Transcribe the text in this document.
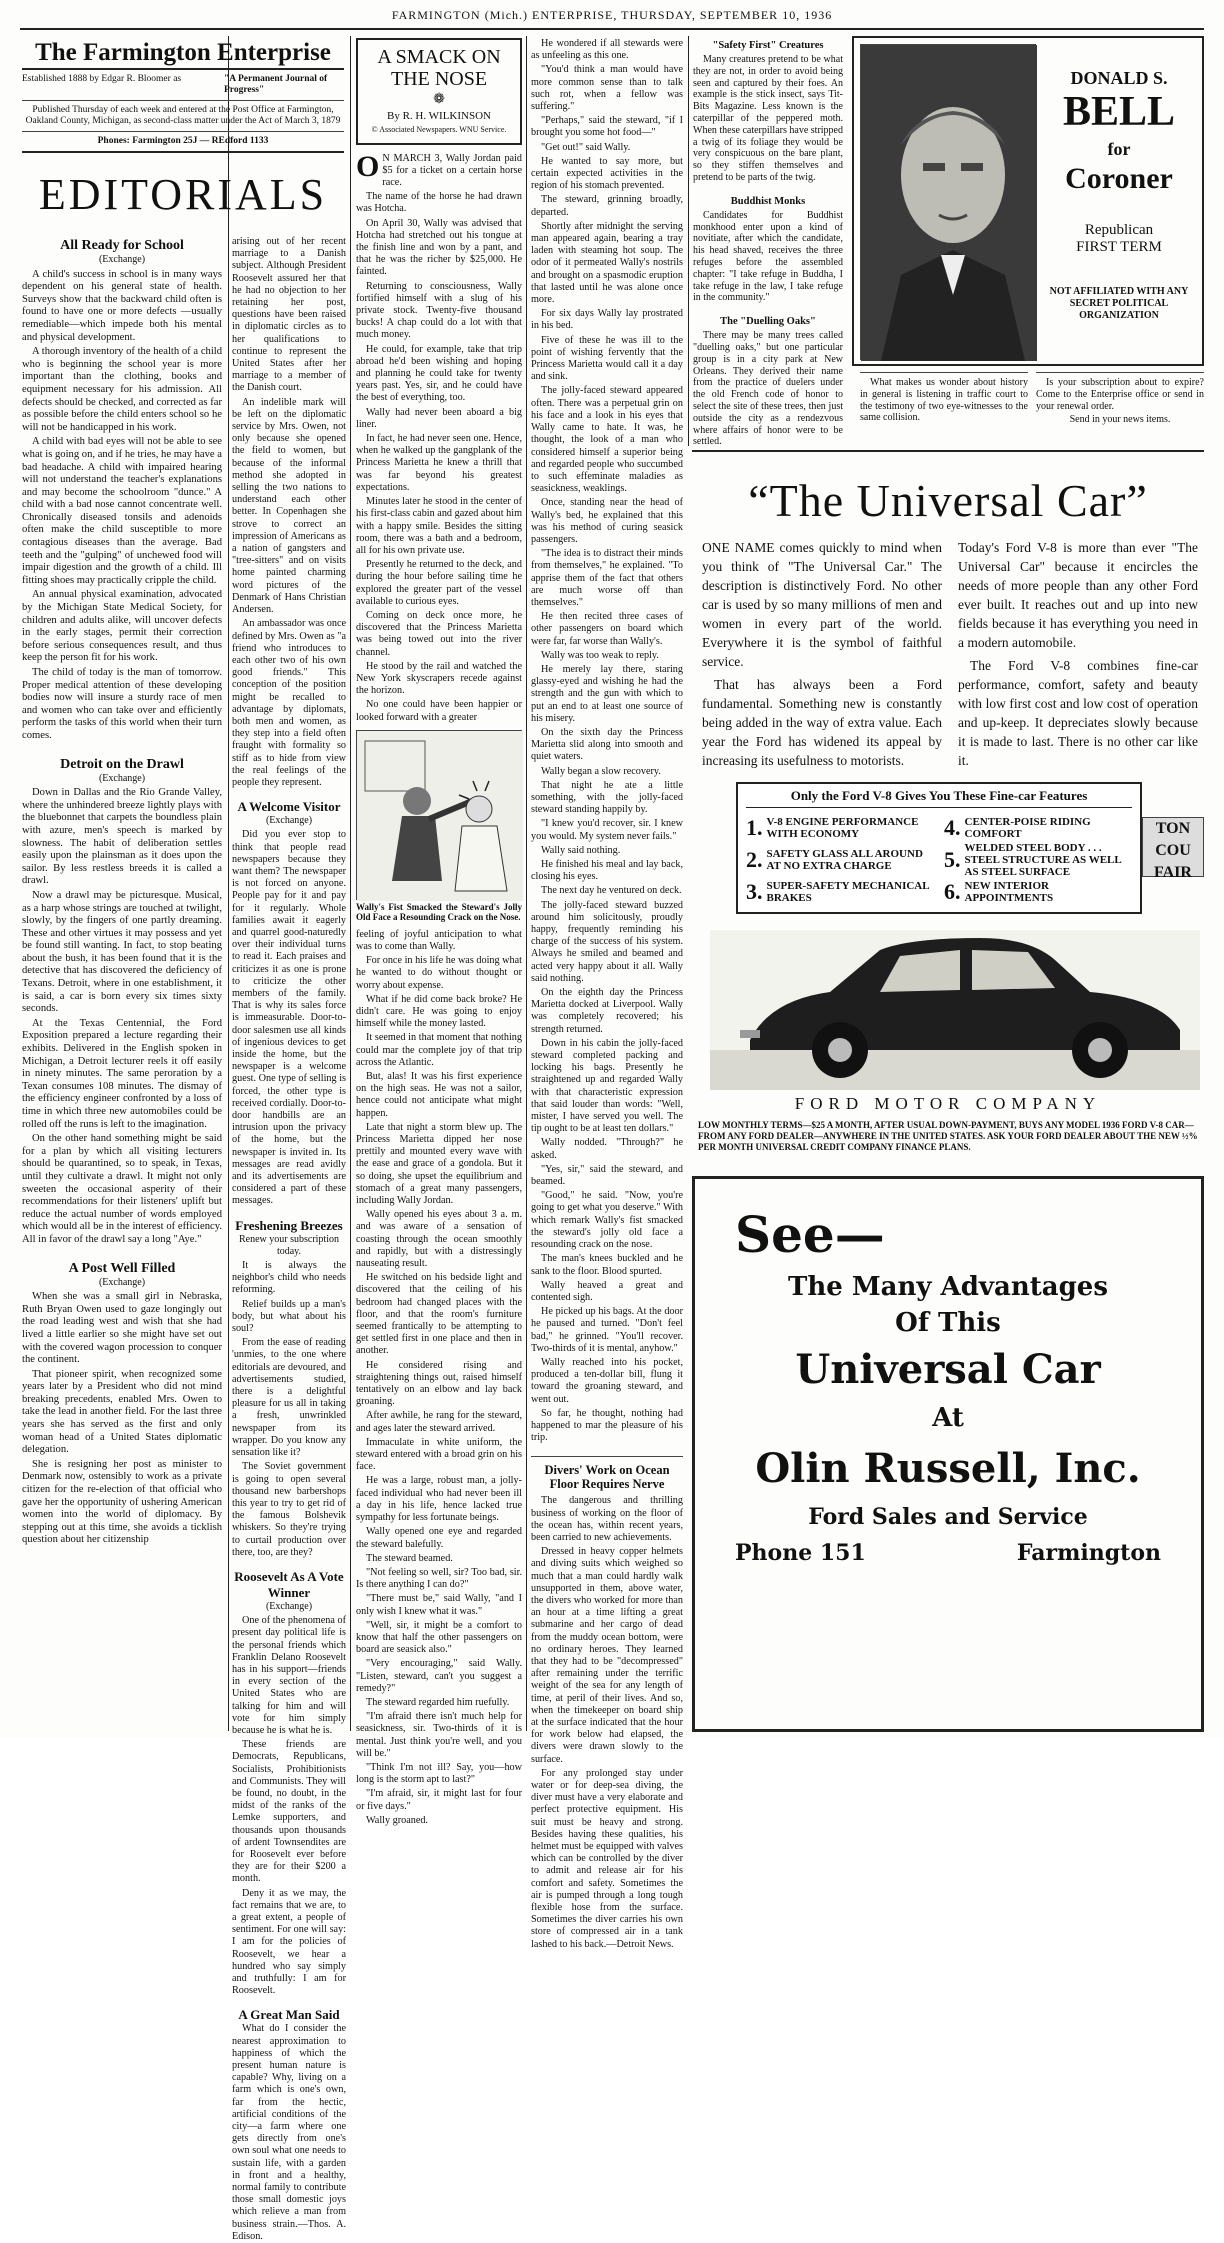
FARMINGTON (Mich.) ENTERPRISE, THURSDAY, SEPTEMBER 10, 1936
The Farmington Enterprise
Established 1888 by Edgar R. Bloomer as	"A Permanent Journal of Progress"
Published Thursday of each week and entered at the Post Office at Farmington, Oakland County, Michigan, as second-class matter under the Act of March 3, 1879
Phones: Farmington 25J — REdford 1133
EDITORIALS
All Ready for School
(Exchange)

A child's success in school is in many ways dependent on his general state of health. Surveys show that the backward child often is found to have one or more defects —usually remediable—which impede both his mental and physical development.

A thorough inventory of the health of a child who is beginning the school year is more important than the clothing, books and equipment necessary for his admission. All defects should be checked, and corrected as far as possible before the child enters school so he will not be handicapped in his work.

A child with bad eyes will not be able to see what is going on, and if he tries, he may have a bad headache. A child with impaired hearing will not understand the teacher's explanations and may become the schoolroom "dunce." A child with a bad nose cannot concentrate well. Chronically diseased tonsils and adenoids often make the child susceptible to more contagious diseases than the average. Bad teeth and the "gulping" of unchewed food will impair digestion and the growth of a child. Ill fitting shoes may practically cripple the child.

An annual physical examination, advocated by the Michigan State Medical Society, for children and adults alike, will uncover defects in the early stages, permit their correction before serious consequences result, and thus keep the person fit for his work.

The child of today is the man of tomorrow. Proper medical attention of these developing bodies now will insure a sturdy race of men and women who can take over and efficiently perform the tasks of this world when their turn comes.

Detroit on the Drawl
(Exchange)

Down in Dallas and the Rio Grande Valley, where the unhindered breeze lightly plays with the bluebonnet that carpets the boundless plain with azure, men's speech is marked by slowness. The habit of deliberation settles easily upon the plainsman as it does upon the sailor. By less restless breeds it is called a drawl.

Now a drawl may be picturesque. Musical, as a harp whose strings are touched at twilight, slowly, by the fingers of one partly dreaming. These and other virtues it may possess and yet be found still wanting. In fact, to stop beating about the bush, it has been found that it is the detective that has discovered the deficiency of Texans. Detroit, where in one establishment, it is said, a car is born every six times sixty seconds.

At the Texas Centennial, the Ford Exposition prepared a lecture regarding their exhibits. Delivered in the English spoken in Michigan, a Detroit lecturer reels it off easily in ninety minutes. The same peroration by a Texan consumes 108 minutes. The dismay of the efficiency engineer confronted by a loss of time in which three new automobiles could be rolled off the runs is left to the imagination.

On the other hand something might be said for a plan by which all visiting lecturers should be quarantined, so to speak, in Texas, until they cultivate a drawl. It might not only sweeten the occasional asperity of their recommendations for their listeners' uplift but reduce the actual number of words employed which would all be in the interest of efficiency. All in favor of the drawl say a long "Aye."

A Post Well Filled
(Exchange)

When she was a small girl in Nebraska, Ruth Bryan Owen used to gaze longingly out the road leading west and wish that she had lived a little earlier so she might have set out with the covered wagon procession to conquer the continent.

That pioneer spirit, when recognized some years later by a President who did not mind breaking precedents, enabled Mrs. Owen to take the lead in another field. For the last three years she has served as the first and only woman head of a United States diplomatic delegation.

She is resigning her post as minister to Denmark now, ostensibly to work as a private citizen for the re-election of that official who gave her the opportunity of ushering American women into the world of diplomacy. By stepping out at this time, she avoids a ticklish question about her citizenship

arising out of her recent marriage to a Danish subject. Although President Roosevelt assured her that he had no objection to her retaining her post, questions have been raised in diplomatic circles as to her qualifications to continue to represent the United States after her marriage to a member of the Danish court.

An indelible mark will be left on the diplomatic service by Mrs. Owen, not only because she opened the field to women, but because of the informal method she adopted in selling the two nations to understand each other better. In Copenhagen she strove to correct an impression of Americans as a nation of gangsters and "tree-sitters" and on visits home painted charming word pictures of the Denmark of Hans Christian Andersen.

An ambassador was once defined by Mrs. Owen as "a friend who introduces to each other two of his own good friends." This conception of the position might be recalled to advantage by diplomats, both men and women, as they step into a field often fraught with formality so stiff as to hide from view the real feelings of the people they represent.

A Welcome Visitor
(Exchange)

Did you ever stop to think that people read newspapers because they want them? The newspaper is not forced on anyone. People pay for it and pay for it regularly. Whole families await it eagerly and quarrel good-naturedly over their individual turns to read it. Each praises and criticizes it as one is prone to criticize the other members of the family. That is why its sales force is immeasurable. Door-to-door salesmen use all kinds of ingenious devices to get inside the home, but the newspaper is a welcome guest. One type of selling is forced, the other type is received cordially. Door-to-door handbills are an intrusion upon the privacy of the home, but the newspaper is invited in. Its messages are read avidly and its advertisements are considered a part of these messages.

Freshening Breezes
Renew your subscription today.

It is always the neighbor's child who needs reforming.

Relief builds up a man's body, but what about his soul?

From the ease of reading 'unmies, to the one where editorials are devoured, and advertisements studied, there is a delightful pleasure for us all in taking a fresh, unwrinkled newspaper from its wrapper. Do you know any sensation like it?

The Soviet government is going to open several thousand new barbershops this year to try to get rid of the famous Bolshevik whiskers. So they're trying to curtail production over there, too, are they?

Roosevelt As A Vote Winner
(Exchange)

One of the phenomena of present day political life is the personal friends which Franklin Delano Roosevelt has in his support—friends in every section of the United States who are talking for him and will vote for him simply because he is what he is.

These friends are Democrats, Republicans, Socialists, Prohibitionists and Communists. They will be found, no doubt, in the midst of the ranks of the Lemke supporters, and thousands upon thousands of ardent Townsendites are for Roosevelt ever before they are for their $200 a month.

Deny it as we may, the fact remains that we are, to a great extent, a people of sentiment. For one will say: I am for the policies of Roosevelt, we hear a hundred who say simply and truthfully: I am for Roosevelt.

A Great Man Said

What do I consider the nearest approximation to happiness of which the present human nature is capable? Why, living on a farm which is one's own, far from the hectic, artificial conditions of the city—a farm where one gets directly from one's own soul what one needs to sustain life, with a garden in front and a healthy, normal family to contribute those small domestic joys which relieve a man from business strain.—Thos. A. Edison.

A SMACK ON THE NOSE
❁
By R. H. WILKINSON
© Associated Newspapers. WNU Service.

O N MARCH 3, Wally Jordan paid $5 for a ticket on a certain horse race.

The name of the horse he had drawn was Hotcha.

On April 30, Wally was advised that Hotcha had stretched out his tongue at the finish line and won by a pant, and that he was the richer by $25,000. He fainted.

Returning to consciousness, Wally fortified himself with a slug of his private stock. Twenty-five thousand bucks! A chap could do a lot with that much money.

He could, for example, take that trip abroad he'd been wishing and hoping and planning he could take for twenty years past. Yes, sir, and he could have the best of everything, too.

Wally had never been aboard a big liner.

In fact, he had never seen one. Hence, when he walked up the gangplank of the Princess Marietta he knew a thrill that was far beyond his greatest expectations.

Minutes later he stood in the center of his first-class cabin and gazed about him with a happy smile. Besides the sitting room, there was a bath and a bedroom, all for his own private use.

Presently he returned to the deck, and during the hour before sailing time he explored the greater part of the vessel available to curious eyes.

Coming on deck once more, he discovered that the Princess Marietta was being towed out into the river channel.

He stood by the rail and watched the New York skyscrapers recede against the horizon.

No one could have been happier or looked forward with a greater

Wally's Fist Smacked the Steward's Jolly Old Face a Resounding Crack on the Nose.

feeling of joyful anticipation to what was to come than Wally.

For once in his life he was doing what he wanted to do without thought or worry about expense.

What if he did come back broke? He didn't care. He was going to enjoy himself while the money lasted.

It seemed in that moment that nothing could mar the complete joy of that trip across the Atlantic.

But, alas! It was his first experience on the high seas. He was not a sailor, hence could not anticipate what might happen.

Late that night a storm blew up. The Princess Marietta dipped her nose prettily and mounted every wave with the ease and grace of a gondola. But it so doing, she upset the equilibrium and stomach of a great many passengers, including Wally Jordan.

Wally opened his eyes about 3 a. m. and was aware of a sensation of coasting through the ocean smoothly and rapidly, but with a distressingly nauseating result.

He switched on his bedside light and discovered that the ceiling of his bedroom had changed places with the floor, and that the room's furniture seemed frantically to be attempting to get settled first in one place and then in another.

He considered rising and straightening things out, raised himself tentatively on an elbow and lay back groaning.

After awhile, he rang for the steward, and ages later the steward arrived.

Immaculate in white uniform, the steward entered with a broad grin on his face.

He was a large, robust man, a jolly-faced individual who had never been ill a day in his life, hence lacked true sympathy for less fortunate beings.

Wally opened one eye and regarded the steward balefully.

The steward beamed.

"Not feeling so well, sir? Too bad, sir. Is there anything I can do?"

"There must be," said Wally, "and I only wish I knew what it was."

"Well, sir, it might be a comfort to know that half the other passengers on board are seasick also."

"Very encouraging," said Wally. "Listen, steward, can't you suggest a remedy?"

The steward regarded him ruefully.

"I'm afraid there isn't much help for seasickness, sir. Two-thirds of it is mental. Just think you're well, and you will be."

"Think I'm not ill? Say, you—how long is the storm apt to last?"

"I'm afraid, sir, it might last for four or five days."

Wally groaned.

He wondered if all stewards were as unfeeling as this one.

"You'd think a man would have more common sense than to talk such rot, when a fellow was suffering."

"Perhaps," said the steward, "if I brought you some hot food—"

"Get out!" said Wally.

He wanted to say more, but certain expected activities in the region of his stomach prevented.

The steward, grinning broadly, departed.

Shortly after midnight the serving man appeared again, bearing a tray laden with steaming hot soup. The odor of it permeated Wally's nostrils and brought on a spasmodic eruption that lasted until he was alone once more.

For six days Wally lay prostrated in his bed.

Five of these he was ill to the point of wishing fervently that the Princess Marietta would call it a day and sink.

The jolly-faced steward appeared often. There was a perpetual grin on his face and a look in his eyes that Wally came to hate. It was, he thought, the look of a man who considered himself a superior being and regarded people who succumbed to such effeminate maladies as seasickness, weaklings.

Once, standing near the head of Wally's bed, he explained that this was his method of curing seasick passengers.

"The idea is to distract their minds from themselves," he explained. "To apprise them of the fact that others are much worse off than themselves."

He then recited three cases of other passengers on board which were far, far worse than Wally's.

Wally was too weak to reply.

He merely lay there, staring glassy-eyed and wishing he had the strength and the gun with which to put an end to at least one source of his misery.

On the sixth day the Princess Marietta slid along into smooth and quiet waters.

Wally began a slow recovery.

That night he ate a little something, with the jolly-faced steward standing happily by.

"I knew you'd recover, sir. I knew you would. My system never fails."

Wally said nothing.

He finished his meal and lay back, closing his eyes.

The next day he ventured on deck.

The jolly-faced steward buzzed around him solicitously, proudly happy, frequently reminding his charge of the success of his system. Always he smiled and beamed and acted very happy about it all. Wally said nothing.

On the eighth day the Princess Marietta docked at Liverpool. Wally was completely recovered; his strength returned.

Down in his cabin the jolly-faced steward completed packing and locking his bags. Presently he straightened up and regarded Wally with that characteristic expression that said louder than words: "Well, mister, I have served you well. The tip ought to be at least ten dollars."

Wally nodded. "Through?" he asked.

"Yes, sir," said the steward, and beamed.

"Good," he said. "Now, you're going to get what you deserve." With which remark Wally's fist smacked the steward's jolly old face a resounding crack on the nose.

The man's knees buckled and he sank to the floor. Blood spurted.

Wally heaved a great and contented sigh.

He picked up his bags. At the door he paused and turned. "Don't feel bad," he grinned. "You'll recover. Two-thirds of it is mental, anyhow."

Wally reached into his pocket, produced a ten-dollar bill, flung it toward the groaning steward, and went out.

So far, he thought, nothing had happened to mar the pleasure of his trip.

Divers' Work on Ocean Floor Requires Nerve

The dangerous and thrilling business of working on the floor of the ocean has, within recent years, been carried to new achievements.

Dressed in heavy copper helmets and diving suits which weighed so much that a man could hardly walk unsupported in them, above water, the divers who worked for more than an hour at a time lifting a great submarine and her cargo of dead from the muddy ocean bottom, were no ordinary heroes. They learned that they had to be "decompressed" after remaining under the terrific weight of the sea for any length of time, at peril of their lives. And so, when the timekeeper on board ship at the surface indicated that the hour for work below had elapsed, the divers were drawn slowly to the surface.

For any prolonged stay under water or for deep-sea diving, the diver must have a very elaborate and perfect protective equipment. His suit must be heavy and strong. Besides having these qualities, his helmet must be equipped with valves which can be controlled by the diver to admit and release air for his comfort and safety. Sometimes the air is pumped through a long tough flexible hose from the surface. Sometimes the diver carries his own store of compressed air in a tank lashed to his back.—Detroit News.

"Safety First" Creatures

Many creatures pretend to be what they are not, in order to avoid being seen and captured by their foes. An example is the stick insect, says Tit-Bits Magazine. Less known is the caterpillar of the peppered moth. When these caterpillars have stripped a twig of its foliage they would be very conspicuous on the bare plant, so they stiffen themselves and pretend to be parts of the twig.

Buddhist Monks

Candidates for Buddhist monkhood enter upon a kind of novitiate, after which the candidate, his head shaved, receives the three refuges before the assembled chapter: "I take refuge in Buddha, I take refuge in the law, I take refuge in the community."

The "Duelling Oaks"

There may be many trees called "duelling oaks," but one particular group is in a city park at New Orleans. They derived their name from the practice of duelers under the old French code of honor to select the site of these trees, then just outside the city as a rendezvous where affairs of honor were to be settled.

What makes us wonder about history in general is listening in traffic court to the testimony of two eye-witnesses to the same collision.

DONALD S.
BELL
for
Coroner
Republican
FIRST TERM
NOT AFFILIATED WITH ANY SECRET POLITICAL ORGANIZATION

Is your subscription about to expire? Come to the Enterprise office or send in your renewal order.

Send in your news items.

“The Universal Car”

ONE NAME comes quickly to mind when you think of "The Universal Car." The description is distinctively Ford. No other car is used by so many millions of men and women in every part of the world. Everywhere it is the symbol of faithful service.

That has always been a Ford fundamental. Something new is constantly being added in the way of extra value. Each year the Ford has widened its appeal by increasing its usefulness to motorists.

Today's Ford V-8 is more than ever "The Universal Car" because it encircles the needs of more people than any other Ford ever built. It reaches out and up into new fields because it has everything you need in a modern automobile.

The Ford V-8 combines fine-car performance, comfort, safety and beauty with low first cost and low cost of operation and up-keep. It depreciates slowly because it is made to last. There is no other car like it.

Only the Ford V-8 Gives You These Fine-car Features
1. V-8 ENGINE PERFORMANCE WITH ECONOMY
2. SAFETY GLASS ALL AROUND AT NO EXTRA CHARGE
3. SUPER-SAFETY MECHANICAL BRAKES
4. CENTER-POISE RIDING COMFORT
5. WELDED STEEL BODY . . . STEEL STRUCTURE AS WELL AS STEEL SURFACE
6. NEW INTERIOR APPOINTMENTS
TON COU FAIR
FORD MOTOR COMPANY
LOW MONTHLY TERMS—$25 A MONTH, AFTER USUAL DOWN-PAYMENT, BUYS ANY MODEL 1936 FORD V-8 CAR—FROM ANY FORD DEALER—ANYWHERE IN THE UNITED STATES. ASK YOUR FORD DEALER ABOUT THE NEW ½% PER MONTH UNIVERSAL CREDIT COMPANY FINANCE PLANS.
See—
The Many Advantages
Of This
Universal Car
At
Olin Russell, Inc.
Ford Sales and Service
Phone 151	Farmington
